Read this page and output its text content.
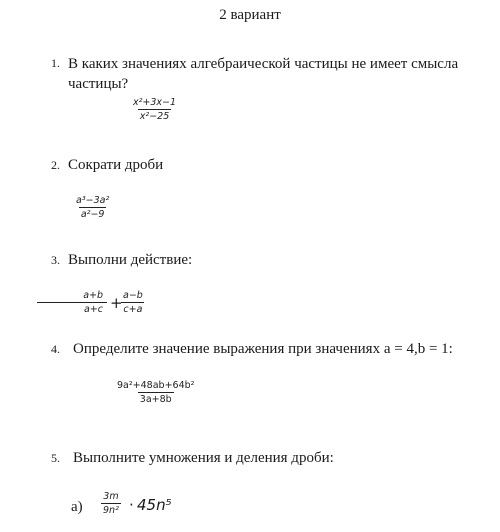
2 вариант
1. В каких значениях алгебраической частицы не имеет смысла
частицы?
$\frac{\text{x²+3x−1}}{\text{x²−25}}$
2. Сократи дроби
$\frac{\text{a³−3a²}}{\text{a²−9}}$
3. Выполни действие:
a+b
a+c +
$\frac{a-b}{c+a}$
4. Определите значение выражения при значениях a = 4,b = 1:
$\frac{\text{9a²+48ab+64b²}}{3a+8b}$
5. Выполните умножения и деления дроби:
$а) \frac{3m}{\text{9n²}} \cdot 45n^5$
